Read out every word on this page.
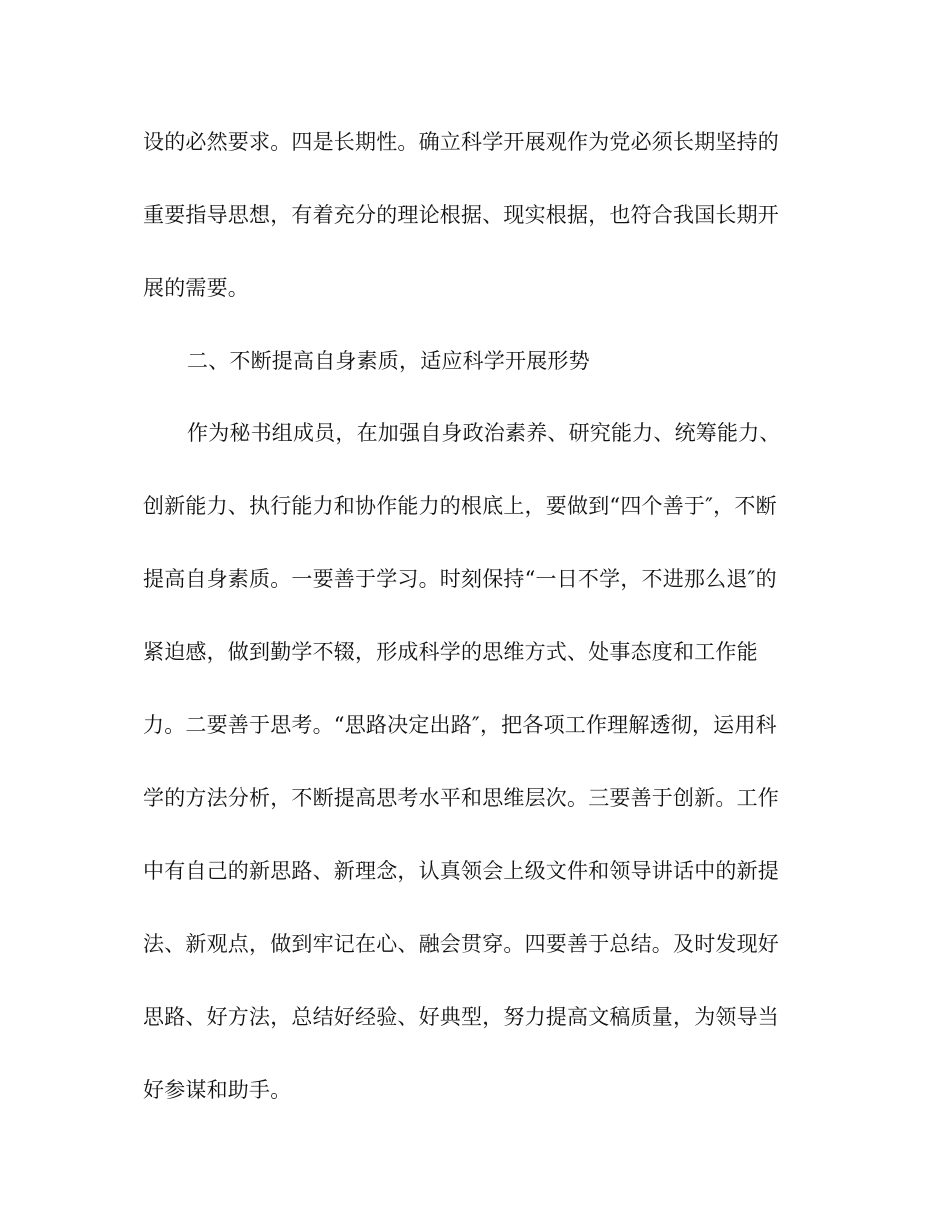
设的必然要求。四是长期性。确立科学开展观作为党必须长期坚持的
重要指导思想，有着充分的理论根据、现实根据，也符合我国长期开
展的需要。
二、不断提高自身素质，适应科学开展形势
作为秘书组成员，在加强自身政治素养、研究能力、统筹能力、
创新能力、执行能力和协作能力的根底上，要做到“四个善于″，不断
提高自身素质。一要善于学习。时刻保持“一日不学，不进那么退″的
紧迫感，做到勤学不辍，形成科学的思维方式、处事态度和工作能
力。二要善于思考。“思路决定出路″，把各项工作理解透彻，运用科
学的方法分析，不断提高思考水平和思维层次。三要善于创新。工作
中有自己的新思路、新理念，认真领会上级文件和领导讲话中的新提
法、新观点，做到牢记在心、融会贯穿。四要善于总结。及时发现好
思路、好方法，总结好经验、好典型，努力提高文稿质量，为领导当
好参谋和助手。
